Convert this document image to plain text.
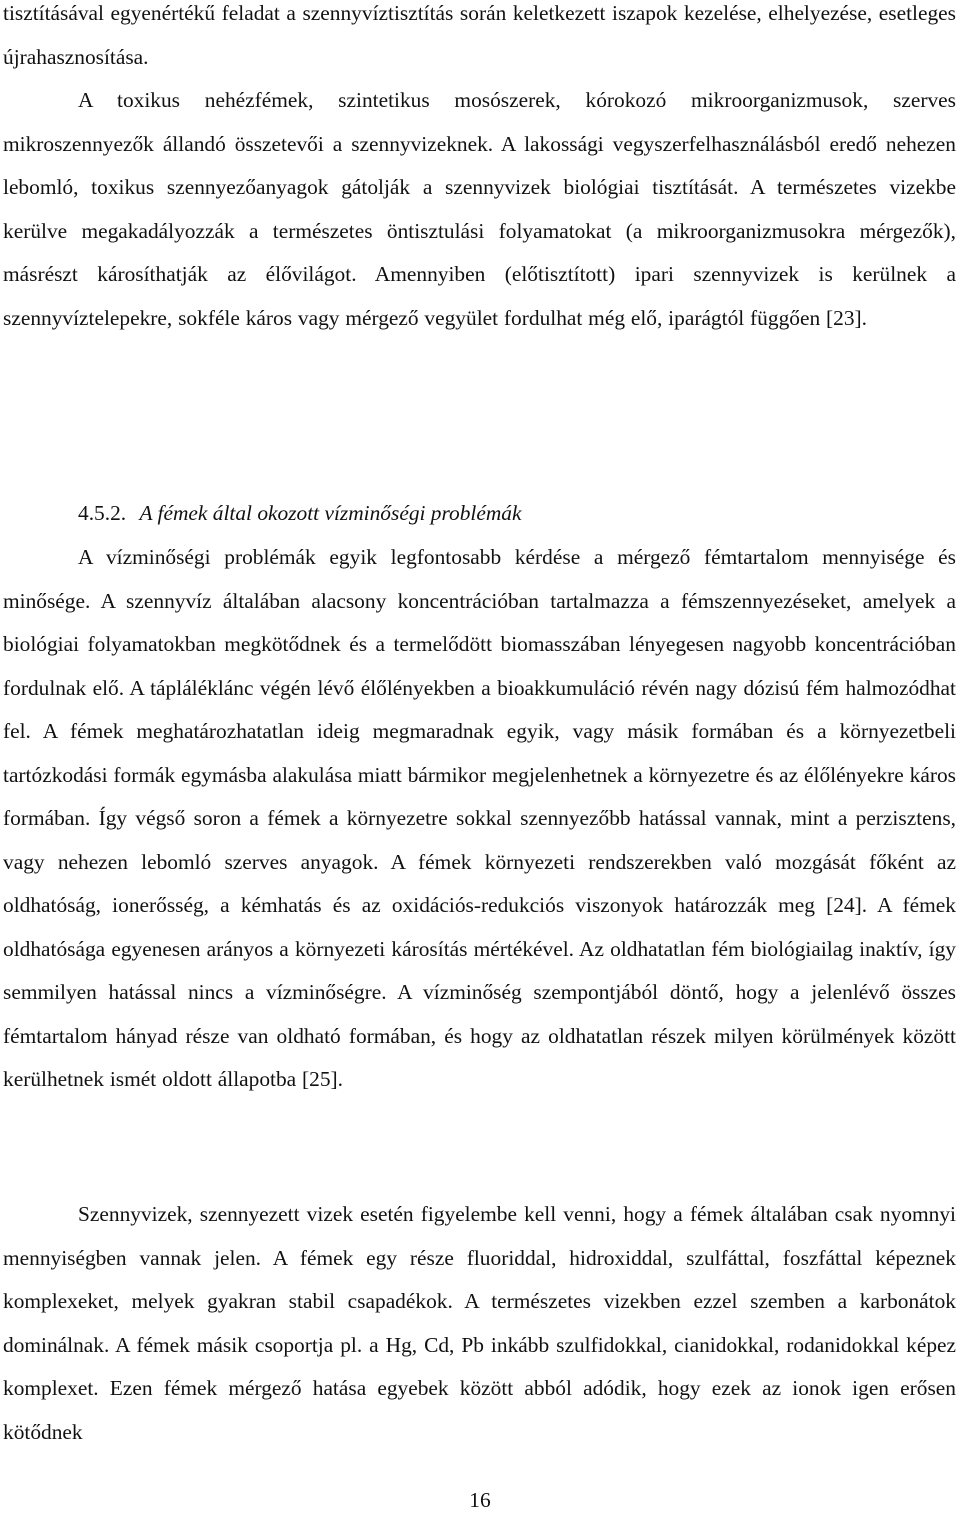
tisztításával egyenértékű feladat a szennyvíztisztítás során keletkezett iszapok kezelése, elhelyezése, esetleges újrahasznosítása.

A toxikus nehézfémek, szintetikus mosószerek, kórokozó mikroorganizmusok, szerves mikroszennyezők állandó összetevői a szennyvizeknek. A lakossági vegyszerfelhasználásból eredő nehezen lebomló, toxikus szennyezőanyagok gátolják a szennyvizek biológiai tisztítását. A természetes vizekbe kerülve megakadályozzák a természetes öntisztulási folyamatokat (a mikroorganizmusokra mérgezők), másrészt károsíthatják az élővilágot. Amennyiben (előtisztított) ipari szennyvizek is kerülnek a szennyvíztelepekre, sokféle káros vagy mérgező vegyület fordulhat még elő, iparágtól függően [23].

4.5.2. A fémek által okozott vízminőségi problémák

A vízminőségi problémák egyik legfontosabb kérdése a mérgező fémtartalom mennyisége és minősége. A szennyvíz általában alacsony koncentrációban tartalmazza a fémszennyezéseket, amelyek a biológiai folyamatokban megkötődnek és a termelődött biomasszában lényegesen nagyobb koncentrációban fordulnak elő. A tápláléklánc végén lévő élőlényekben a bioakkumuláció révén nagy dózisú fém halmozódhat fel. A fémek meghatározhatatlan ideig megmaradnak egyik, vagy másik formában és a környezetbeli tartózkodási formák egymásba alakulása miatt bármikor megjelenhetnek a környezetre és az élőlényekre káros formában. Így végső soron a fémek a környezetre sokkal szennyezőbb hatással vannak, mint a perzisztens, vagy nehezen lebomló szerves anyagok. A fémek környezeti rendszerekben való mozgását főként az oldhatóság, ionerősség, a kémhatás és az oxidációs-redukciós viszonyok határozzák meg [24]. A fémek oldhatósága egyenesen arányos a környezeti károsítás mértékével. Az oldhatatlan fém biológiailag inaktív, így semmilyen hatással nincs a vízminőségre. A vízminőség szempontjából döntő, hogy a jelenlévő összes fémtartalom hányad része van oldható formában, és hogy az oldhatatlan részek milyen körülmények között kerülhetnek ismét oldott állapotba [25].

Szennyvizek, szennyezett vizek esetén figyelembe kell venni, hogy a fémek általában csak nyomnyi mennyiségben vannak jelen. A fémek egy része fluoriddal, hidroxiddal, szulfáttal, foszfáttal képeznek komplexeket, melyek gyakran stabil csapadékok. A természetes vizekben ezzel szemben a karbonátok dominálnak. A fémek másik csoportja pl. a Hg, Cd, Pb inkább szulfidokkal, cianidokkal, rodanidokkal képez komplexet. Ezen fémek mérgező hatása egyebek között abból adódik, hogy ezek az ionok igen erősen kötődnek

16
